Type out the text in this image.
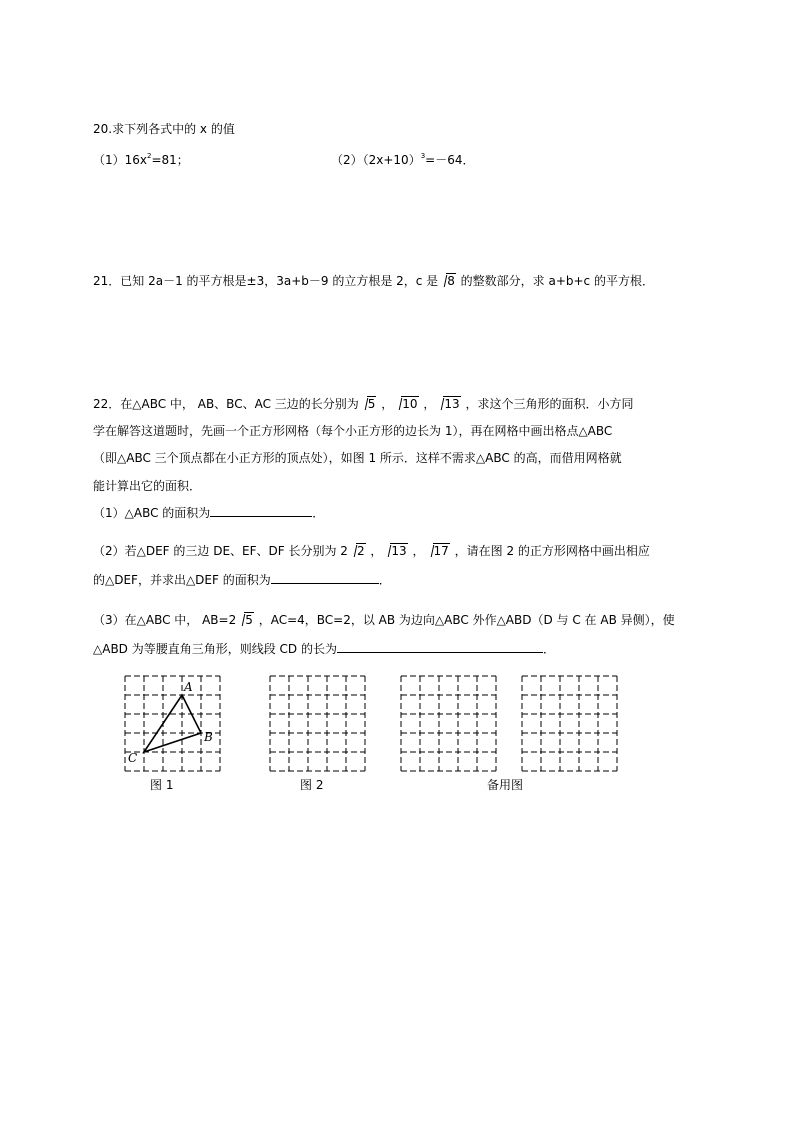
20.求下列各式中的 x 的值
$(1)16x^2=81$；	$(2)(2x+10)^3=-64$．
21．已知 2a－1 的平方根是±3，3a+b－9 的立方根是 2，c 是 8 的整数部分，求 a+b+c 的平方根．
22．在△ABC 中， AB、BC、AC 三边的长分别为 5 ， 10 ， 13 ，求这个三角形的面积．小方同
学在解答这道题时，先画一个正方形网格（每个小正方形的边长为 1），再在网格中画出格点△ABC
（即△ABC 三个顶点都在小正方形的顶点处），如图 1 所示．这样不需求△ABC 的高，而借用网格就
能计算出它的面积．
（1）△ABC 的面积为	．
（2）若△DEF 的三边 DE、EF、DF 长分别为 2 2 ， 13 ， 17 ，请在图 2 的正方形网格中画出相应
的△DEF，并求出△DEF 的面积为	．
（3）在△ABC 中， AB=2 5 ，AC=4，BC=2，以 AB 为边向△ABC 外作△ABD（D 与 C 在 AB 异侧），使
△ABD 为等腰直角三角形，则线段 CD 的长为	．
A
B
C
图 1	图 2	备用图
